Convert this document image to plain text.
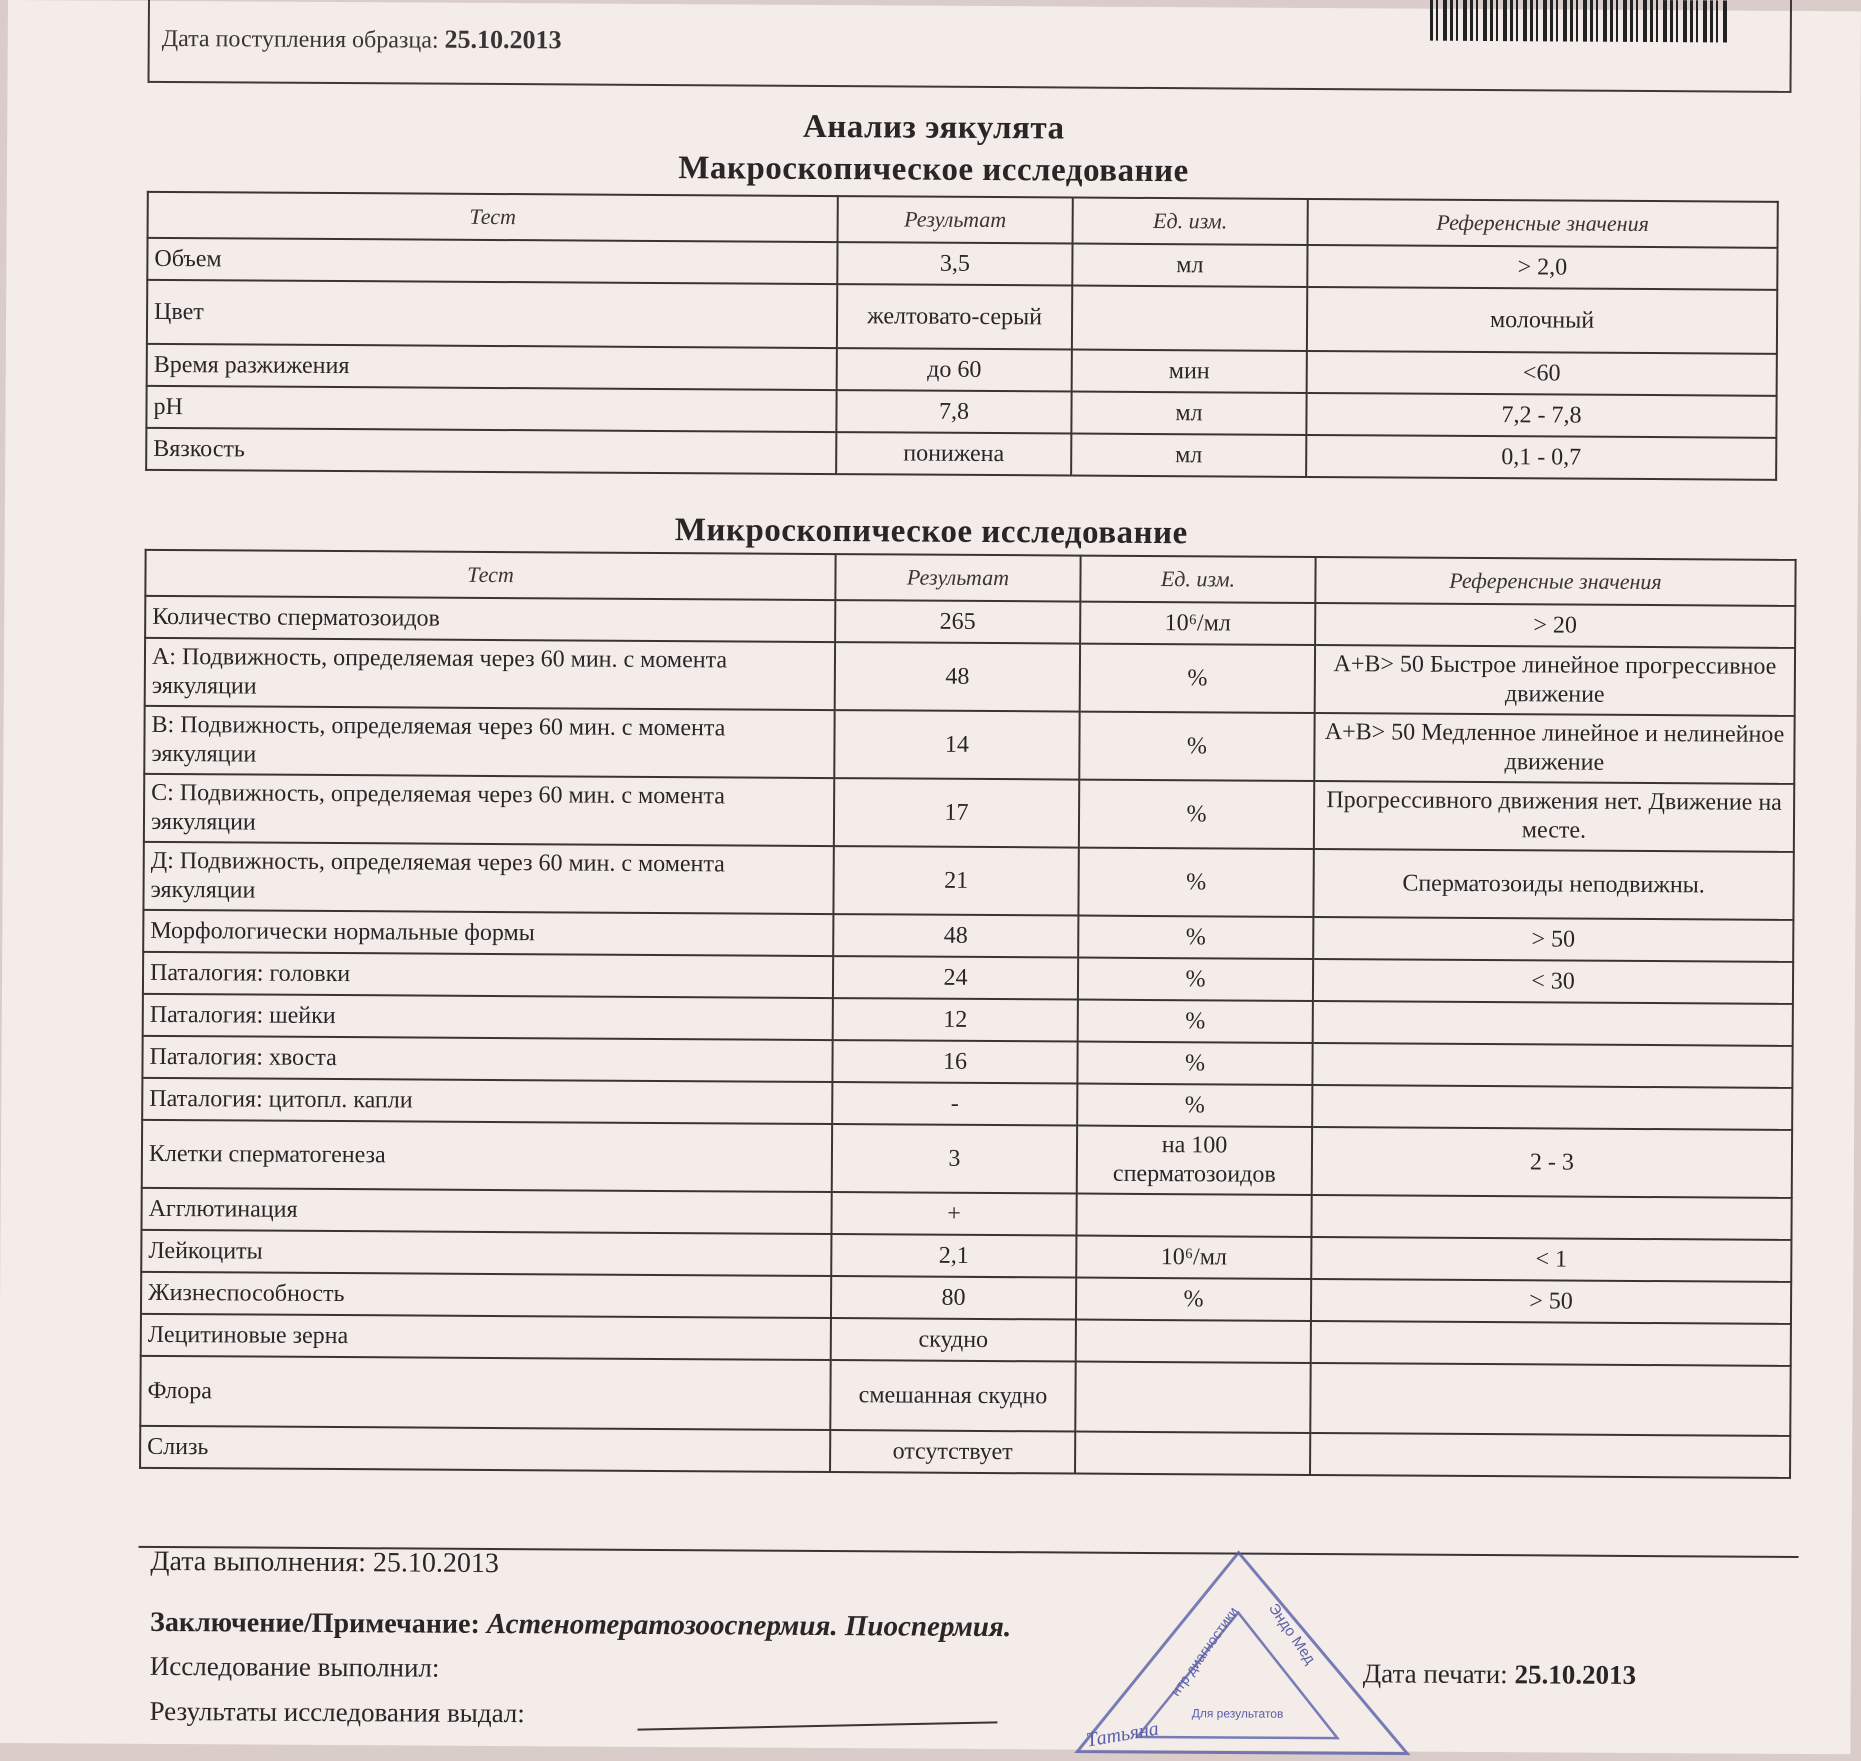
Дата поступления образца: 25.10.2013
Анализ эякулята
Макроскопическое исследование
Тест	Результат	Ед. изм.	Референсные значения
Объем	3,5	мл	> 2,0
Цвет	желтовато-серый		молочный
Время разжижения	до 60	мин	<60
pH	7,8	мл	7,2 - 7,8
Вязкость	понижена	мл	0,1 - 0,7
Микроскопическое исследование
Тест	Результат	Ед. изм.	Референсные значения
Количество сперматозоидов	265	10⁶/мл	> 20
А: Подвижность, определяемая через 60 мин. с момента эякуляции	48	%	А+В> 50 Быстрое линейное прогрессивное движение
В: Подвижность, определяемая через 60 мин. с момента эякуляции	14	%	А+В> 50 Медленное линейное и нелинейное движение
С: Подвижность, определяемая через 60 мин. с момента эякуляции	17	%	Прогрессивного движения нет. Движение на месте.
Д: Подвижность, определяемая через 60 мин. с момента эякуляции	21	%	Сперматозоиды неподвижны.
Морфологически нормальные формы	48	%	> 50
Паталогия: головки	24	%	< 30
Паталогия: шейки	12	%	
Паталогия: хвоста	16	%	
Паталогия: цитопл. капли	-	%	
Клетки сперматогенеза	3	на 100 сперматозоидов	2 - 3
Агглютинация	+		
Лейкоциты	2,1	10⁶/мл	< 1
Жизнеспособность	80	%	> 50
Лецитиновые зерна	скудно		
Флора	смешанная скудно		
Слизь	отсутствует		
Дата выполнения: 25.10.2013
Заключение/Примечание: Астенотератозооспермия. Пиоспермия.
Исследование выполнил:
Результаты исследования выдал:
Дата печати: 25.10.2013
нтр диагностики Эндо Мед
Для результатов
Татьяна
